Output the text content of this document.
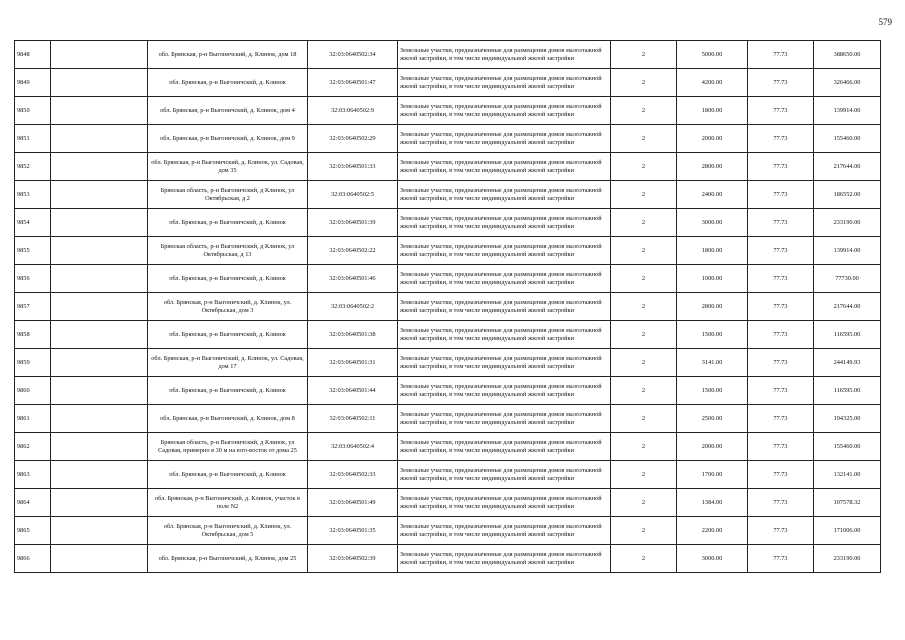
579
9848		обл. Брянская, р-н Выгоничский, д. Клинок, дом 18	32:03:0640502:34	Земельные участки, предназначенные для размещения домов малоэтажной жилой застройки, в том числе индивидуальной жилой застройки	2	5000.00	77.73	388650.00
9849		обл. Брянская, р-н Выгоничский, д. Клинок	32:03:0640501:47	Земельные участки, предназначенные для размещения домов малоэтажной жилой застройки, в том числе индивидуальной жилой застройки	2	4200.00	77.73	326466.00
9850		обл. Брянская, р-н Выгоничский, д. Клинок, дом 4	32:03:0640502:9	Земельные участки, предназначенные для размещения домов малоэтажной жилой застройки, в том числе индивидуальной жилой застройки	2	1800.00	77.73	139914.00
9851		обл. Брянская, р-н Выгоничский, д. Клинок, дом 9	32:03:0640502:29	Земельные участки, предназначенные для размещения домов малоэтажной жилой застройки, в том числе индивидуальной жилой застройки	2	2000.00	77.73	155460.00
9852		обл. Брянская, р-н Выгоничский, д. Клинок, ул. Садовая, дом 35	32:03:0640501:33	Земельные участки, предназначенные для размещения домов малоэтажной жилой застройки, в том числе индивидуальной жилой застройки	2	2800.00	77.73	217644.00
9853		Брянская область, р-н Выгоничский, д Клинок, ул Октябрьская, д 2	32:03:0640502:5	Земельные участки, предназначенные для размещения домов малоэтажной жилой застройки, в том числе индивидуальной жилой застройки	2	2400.00	77.73	186552.00
9854		обл. Брянская, р-н Выгоничский, д. Клинок	32:03:0640501:39	Земельные участки, предназначенные для размещения домов малоэтажной жилой застройки, в том числе индивидуальной жилой застройки	2	3000.00	77.73	233190.00
9855		Брянская область, р-н Выгоничский, д Клинок, ул Октябрьская, д 13	32:03:0640502:22	Земельные участки, предназначенные для размещения домов малоэтажной жилой застройки, в том числе индивидуальной жилой застройки	2	1800.00	77.73	139914.00
9856		обл. Брянская, р-н Выгоничский, д. Клинок	32:03:0640501:46	Земельные участки, предназначенные для размещения домов малоэтажной жилой застройки, в том числе индивидуальной жилой застройки	2	1000.00	77.73	77730.00
9857		обл. Брянская, р-н Выгоничский, д. Клинок, ул. Октябрьская, дом 3	32:03:0640502:2	Земельные участки, предназначенные для размещения домов малоэтажной жилой застройки, в том числе индивидуальной жилой застройки	2	2800.00	77.73	217644.00
9858		обл. Брянская, р-н Выгоничский, д. Клинок	32:03:0640501:38	Земельные участки, предназначенные для размещения домов малоэтажной жилой застройки, в том числе индивидуальной жилой застройки	2	1500.00	77.73	116595.00
9859		обл. Брянская, р-н Выгоничский, д. Клинок, ул. Садовая, дом 17	32:03:0640501:31	Земельные участки, предназначенные для размещения домов малоэтажной жилой застройки, в том числе индивидуальной жилой застройки	2	3141.00	77.73	244149.93
9860		обл. Брянская, р-н Выгоничский, д. Клинок	32:03:0640501:44	Земельные участки, предназначенные для размещения домов малоэтажной жилой застройки, в том числе индивидуальной жилой застройки	2	1500.00	77.73	116595.00
9861		обл. Брянская, р-н Выгоничский, д. Клинок, дом 8	32:03:0640502:11	Земельные участки, предназначенные для размещения домов малоэтажной жилой застройки, в том числе индивидуальной жилой застройки	2	2500.00	77.73	194325.00
9862		Брянская область, р-н Выгоничский, д Клинок, ул Садовая, примерно в 30 м на юго-восток от дома 25	32:03:0640502:4	Земельные участки, предназначенные для размещения домов малоэтажной жилой застройки, в том числе индивидуальной жилой застройки	2	2000.00	77.73	155460.00
9863		обл. Брянская, р-н Выгоничский, д. Клинок	32:03:0640502:33	Земельные участки, предназначенные для размещения домов малоэтажной жилой застройки, в том числе индивидуальной жилой застройки	2	1700.00	77.73	132141.00
9864		обл. Брянская, р-н Выгоничский, д. Клинок, участок в поле N2	32:03:0640501:49	Земельные участки, предназначенные для размещения домов малоэтажной жилой застройки, в том числе индивидуальной жилой застройки	2	1384.00	77.73	107578.32
9865		обл. Брянская, р-н Выгоничский, д. Клинок, ул. Октябрьская, дом 5	32:03:0640501:35	Земельные участки, предназначенные для размещения домов малоэтажной жилой застройки, в том числе индивидуальной жилой застройки	2	2200.00	77.73	171006.00
9866		обл. Брянская, р-н Выгоничский, д. Клинок, дом 25	32:03:0640502:39	Земельные участки, предназначенные для размещения домов малоэтажной жилой застройки, в том числе индивидуальной жилой застройки	2	3000.00	77.73	233190.00
